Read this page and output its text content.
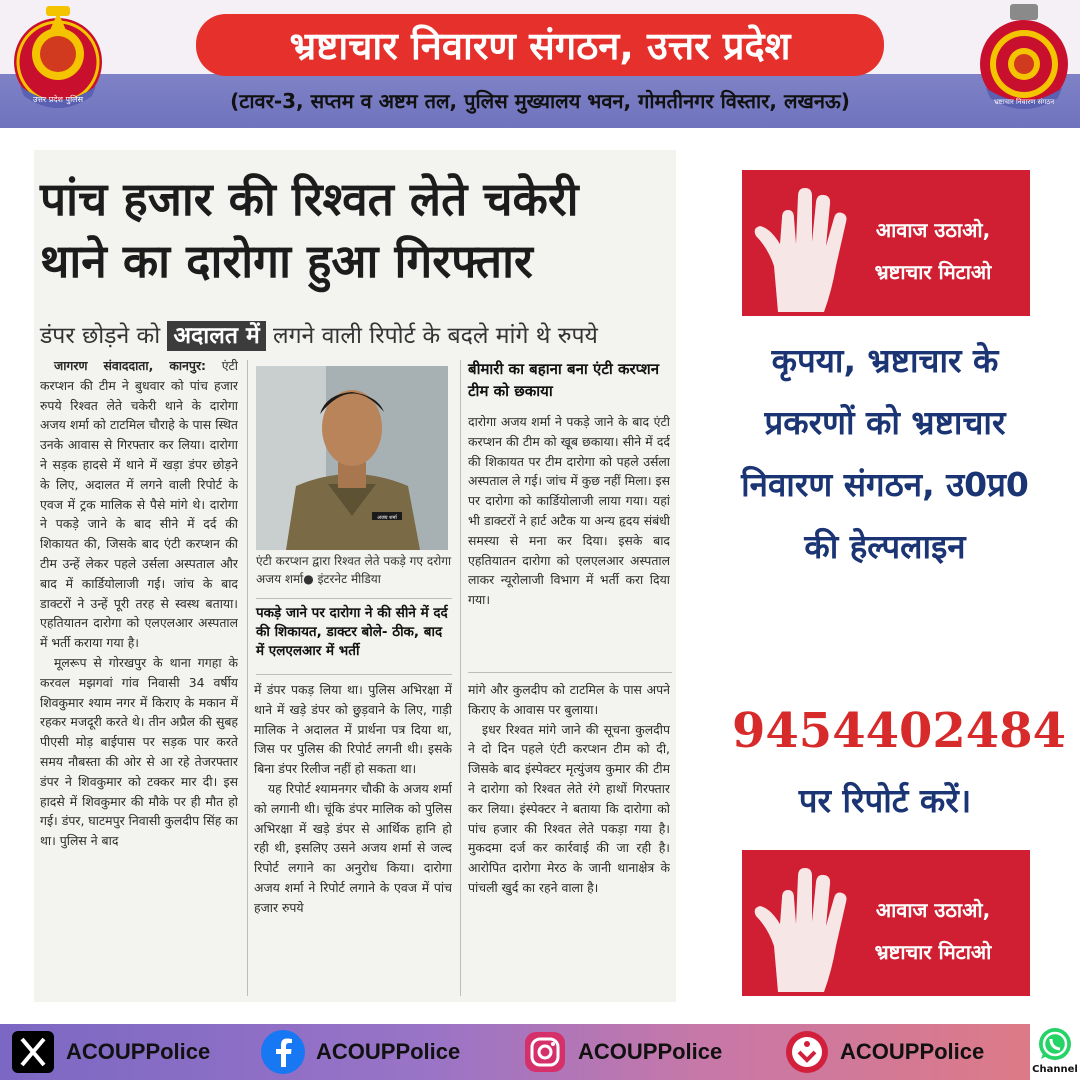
उत्तर प्रदेश पुलिस
भ्रष्टाचार निवारण संगठन, उत्तर प्रदेश
(टावर-3, सप्तम व अष्टम तल, पुलिस मुख्यालय भवन, गोमतीनगर विस्तार, लखनऊ)	भ्रष्टाचार निवारण संगठन
पांच हजार की रिश्वत लेते चकेरी
थाने का दारोगा हुआ गिरफ्तार
डंपर छोड़ने को अदालत में लगने वाली रिपोर्ट के बदले मांगे थे रुपये

जागरण संवाददाता, कानपुर: एंटी करप्शन की टीम ने बुधवार को पांच हजार रुपये रिश्वत लेते चकेरी थाने के दारोगा अजय शर्मा को टाटमिल चौराहे के पास स्थित उनके आवास से गिरफ्तार कर लिया। दारोगा ने सड़क हादसे में थाने में खड़ा डंपर छोड़ने के लिए, अदालत में लगने वाली रिपोर्ट के एवज में ट्रक मालिक से पैसे मांगे थे। दारोगा ने पकड़े जाने के बाद सीने में दर्द की शिकायत की, जिसके बाद एंटी करप्शन की टीम उन्हें लेकर पहले उर्सला अस्पताल और बाद में कार्डियोलाजी गई। जांच के बाद डाक्टरों ने उन्हें पूरी तरह से स्वस्थ बताया। एहतियातन दारोगा को एलएलआर अस्पताल में भर्ती कराया गया है।

मूलरूप से गोरखपुर के थाना गगहा के करवल मझगवां गांव निवासी 34 वर्षीय शिवकुमार श्याम नगर में किराए के मकान में रहकर मजदूरी करते थे। तीन अप्रैल की सुबह पीएसी मोड़ बाईपास पर सड़क पार करते समय नौबस्ता की ओर से आ रहे तेजरफ्तार डंपर ने शिवकुमार को टक्कर मार दी। इस हादसे में शिवकुमार की मौके पर ही मौत हो गई। डंपर, घाटमपुर निवासी कुलदीप सिंह का था। पुलिस ने बाद

अजय शर्मा
एंटी करप्शन द्वारा रिश्वत लेते पकड़े गए दरोगा अजय शर्मा● इंटरनेट मीडिया
पकड़े जाने पर दारोगा ने की सीने में दर्द की शिकायत, डाक्टर बोले- ठीक, बाद में एलएलआर में भर्ती

में डंपर पकड़ लिया था। पुलिस अभिरक्षा में थाने में खड़े डंपर को छुड़वाने के लिए, गाड़ी मालिक ने अदालत में प्रार्थना पत्र दिया था, जिस पर पुलिस की रिपोर्ट लगनी थी। इसके बिना डंपर रिलीज नहीं हो सकता था।

यह रिपोर्ट श्यामनगर चौकी के अजय शर्मा को लगानी थी। चूंकि डंपर मालिक को पुलिस अभिरक्षा में खड़े डंपर से आर्थिक हानि हो रही थी, इसलिए उसने अजय शर्मा से जल्द रिपोर्ट लगाने का अनुरोध किया। दारोगा अजय शर्मा ने रिपोर्ट लगाने के एवज में पांच हजार रुपये

बीमारी का बहाना बना एंटी करप्शन टीम को छकाया

दारोगा अजय शर्मा ने पकड़े जाने के बाद एंटी करप्शन की टीम को खूब छकाया। सीने में दर्द की शिकायत पर टीम दारोगा को पहले उर्सला अस्पताल ले गई। जांच में कुछ नहीं मिला। इस पर दारोगा को कार्डियोलाजी लाया गया। यहां भी डाक्टरों ने हार्ट अटैक या अन्य हृदय संबंधी समस्या से मना कर दिया। इसके बाद एहतियातन दारोगा को एलएलआर अस्पताल लाकर न्यूरोलाजी विभाग में भर्ती करा दिया गया।

मांगे और कुलदीप को टाटमिल के पास अपने किराए के आवास पर बुलाया।

इधर रिश्वत मांगे जाने की सूचना कुलदीप ने दो दिन पहले एंटी करप्शन टीम को दी, जिसके बाद इंस्पेक्टर मृत्युंजय कुमार की टीम ने दारोगा को रिश्वत लेते रंगे हाथों गिरफ्तार कर लिया। इंस्पेक्टर ने बताया कि दारोगा को पांच हजार की रिश्वत लेते पकड़ा गया है। मुकदमा दर्ज कर कार्रवाई की जा रही है। आरोपित दारोगा मेरठ के जानी थानाक्षेत्र के पांचली खुर्द का रहने वाला है।

आवाज उठाओ,
भ्रष्टाचार मिटाओ
कृपया, भ्रष्टाचार के प्रकरणों को भ्रष्टाचार निवारण संगठन, उ0प्र0 की हेल्पलाइन
9454402484
पर रिपोर्ट करें।
आवाज उठाओ,
भ्रष्टाचार मिटाओ
ACOUPPolice	ACOUPPolice	ACOUPPolice	ACOUPPolice
Channel
